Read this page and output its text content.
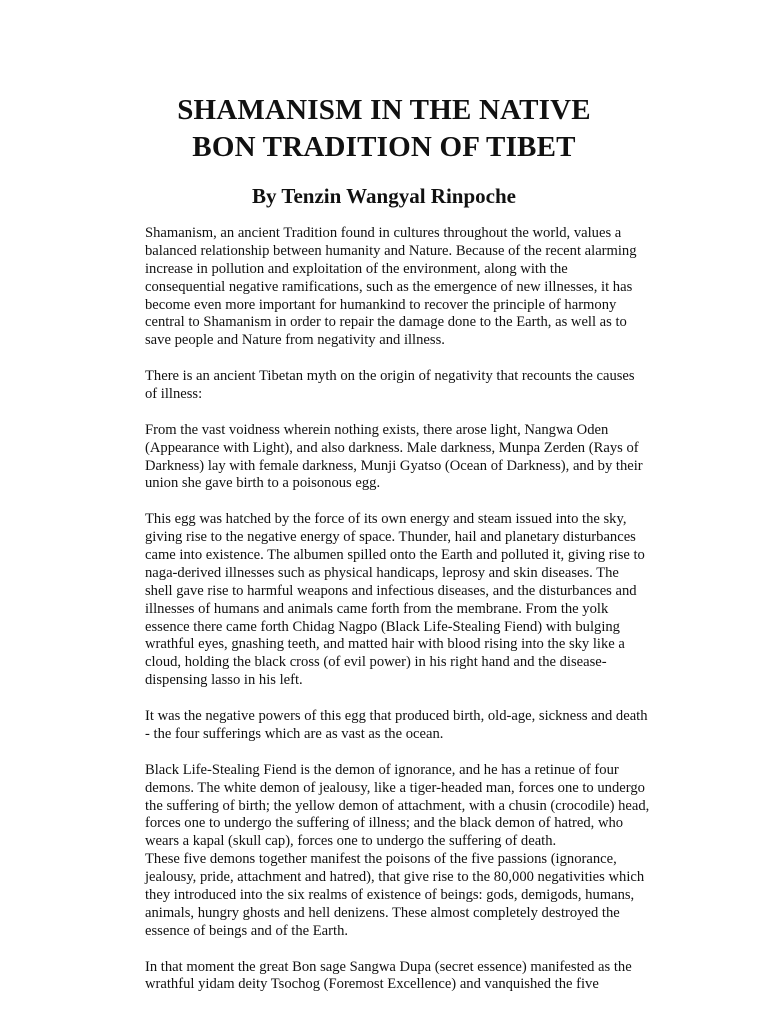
SHAMANISM IN THE NATIVE
BON TRADITION OF TIBET
By Tenzin Wangyal Rinpoche
Shamanism, an ancient Tradition found in cultures throughout the world, values a
balanced relationship between humanity and Nature. Because of the recent alarming
increase in pollution and exploitation of the environment, along with the
consequential negative ramifications, such as the emergence of new illnesses, it has
become even more important for humankind to recover the principle of harmony
central to Shamanism in order to repair the damage done to the Earth, as well as to
save people and Nature from negativity and illness.
There is an ancient Tibetan myth on the origin of negativity that recounts the causes
of illness:
From the vast voidness wherein nothing exists, there arose light, Nangwa Oden
(Appearance with Light), and also darkness. Male darkness, Munpa Zerden (Rays of
Darkness) lay with female darkness, Munji Gyatso (Ocean of Darkness), and by their
union she gave birth to a poisonous egg.
This egg was hatched by the force of its own energy and steam issued into the sky,
giving rise to the negative energy of space. Thunder, hail and planetary disturbances
came into existence. The albumen spilled onto the Earth and polluted it, giving rise to
naga-derived illnesses such as physical handicaps, leprosy and skin diseases. The
shell gave rise to harmful weapons and infectious diseases, and the disturbances and
illnesses of humans and animals came forth from the membrane. From the yolk
essence there came forth Chidag Nagpo (Black Life-Stealing Fiend) with bulging
wrathful eyes, gnashing teeth, and matted hair with blood rising into the sky like a
cloud, holding the black cross (of evil power) in his right hand and the disease-
dispensing lasso in his left.
It was the negative powers of this egg that produced birth, old-age, sickness and death
- the four sufferings which are as vast as the ocean.
Black Life-Stealing Fiend is the demon of ignorance, and he has a retinue of four
demons. The white demon of jealousy, like a tiger-headed man, forces one to undergo
the suffering of birth; the yellow demon of attachment, with a chusin (crocodile) head,
forces one to undergo the suffering of illness; and the black demon of hatred, who
wears a kapal (skull cap), forces one to undergo the suffering of death.
These five demons together manifest the poisons of the five passions (ignorance,
jealousy, pride, attachment and hatred), that give rise to the 80,000 negativities which
they introduced into the six realms of existence of beings: gods, demigods, humans,
animals, hungry ghosts and hell denizens. These almost completely destroyed the
essence of beings and of the Earth.
In that moment the great Bon sage Sangwa Dupa (secret essence) manifested as the
wrathful yidam deity Tsochog (Foremost Excellence) and vanquished the five
